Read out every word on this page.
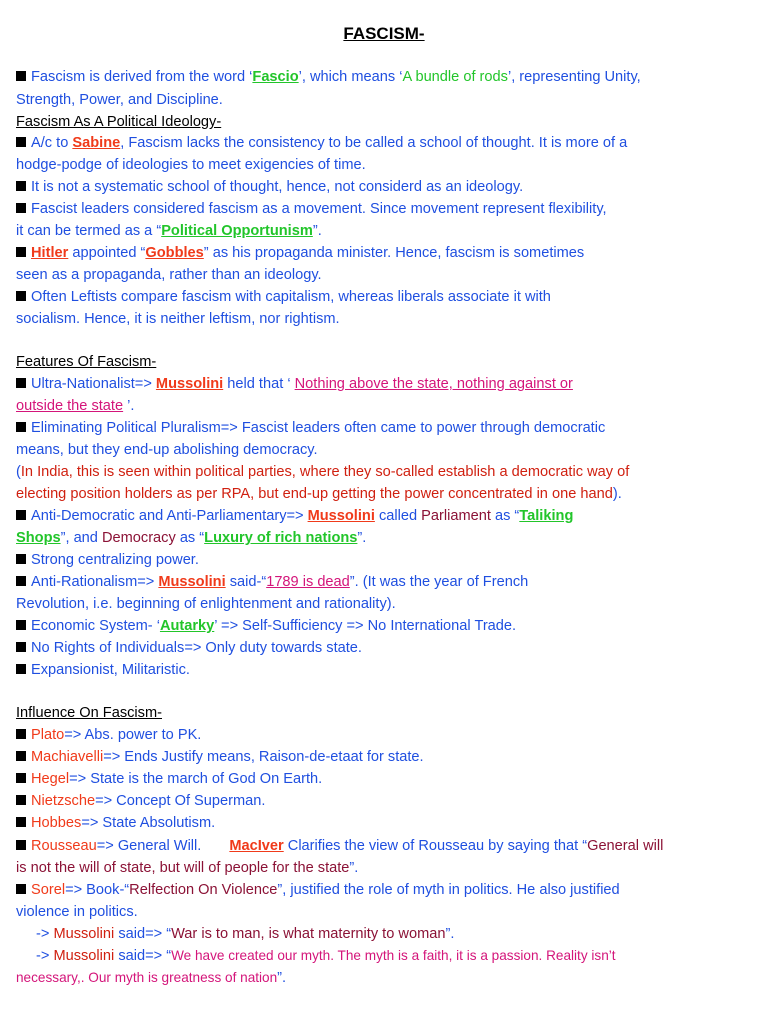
FASCISM-
Fascism is derived from the word ‘Fascio’, which means ‘A bundle of rods’, representing Unity,
Strength, Power, and Discipline.
Fascism As A Political Ideology-
A/c to Sabine, Fascism lacks the consistency to be called a school of thought. It is more of a
hodge-podge of ideologies to meet exigencies of time.
It is not a systematic school of thought, hence, not considerd as an ideology.
Fascist leaders considered fascism as a movement. Since movement represent flexibility,
it can be termed as a “Political Opportunism”.
Hitler appointed “Gobbles” as his propaganda minister. Hence, fascism is sometimes
seen as a propaganda, rather than an ideology.
Often Leftists compare fascism with capitalism, whereas liberals associate it with
socialism. Hence, it is neither leftism, nor rightism.
Features Of Fascism-
Ultra-Nationalist=> Mussolini held that ‘ Nothing above the state, nothing against or
outside the state ’.
Eliminating Political Pluralism=> Fascist leaders often came to power through democratic
means, but they end-up abolishing democracy.
(In India, this is seen within political parties, where they so-called establish a democratic way of
electing position holders as per RPA, but end-up getting the power concentrated in one hand).
Anti-Democratic and Anti-Parliamentary=> Mussolini called Parliament as “Taliking
Shops”, and Democracy as “Luxury of rich nations”.
Strong centralizing power.
Anti-Rationalism=> Mussolini said-“1789 is dead”. (It was the year of French
Revolution, i.e. beginning of enlightenment and rationality).
Economic System- ‘Autarky’ => Self-Sufficiency => No International Trade.
No Rights of Individuals=> Only duty towards state.
Expansionist, Militaristic.
Influence On Fascism-
Plato=> Abs. power to PK.
Machiavelli=> Ends Justify means, Raison-de-etaat for state.
Hegel=> State is the march of God On Earth.
Nietzsche=> Concept Of Superman.
Hobbes=> State Absolutism.
Rousseau=> General Will. MacIver Clarifies the view of Rousseau by saying that “General will
is not the will of state, but will of people for the state”.
Sorel=> Book-“Relfection On Violence”, justified the role of myth in politics. He also justified
violence in politics.
-> Mussolini said=> “War is to man, is what maternity to woman”.
-> Mussolini said=> “We have created our myth. The myth is a faith, it is a passion. Reality isn’t
necessary,. Our myth is greatness of nation”.
